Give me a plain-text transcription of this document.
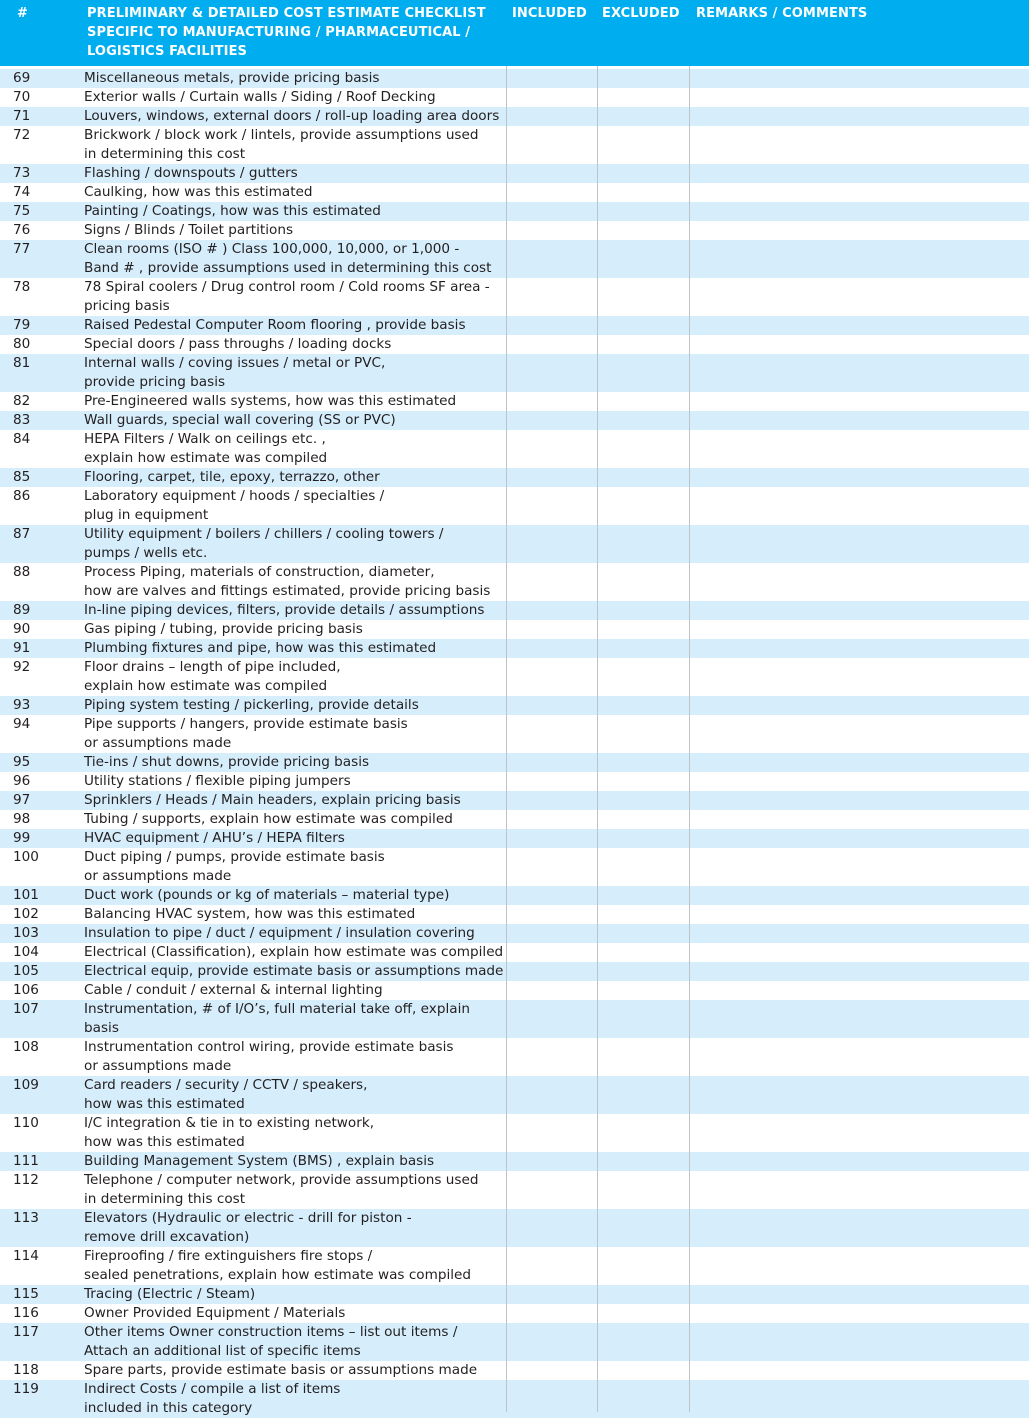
#	PRELIMINARY & DETAILED COST ESTIMATE CHECKLIST SPECIFIC TO MANUFACTURING / PHARMACEUTICAL / LOGISTICS FACILITIES
INCLUDED EXCLUDED REMARKS / COMMENTS
69	Miscellaneous metals, provide pricing basis
70	Exterior walls / Curtain walls / Siding / Roof Decking
71	Louvers, windows, external doors / roll-up loading area doors
72	Brickwork / block work / lintels, provide assumptions used
in determining this cost
73	Flashing / downspouts / gutters
74	Caulking, how was this estimated
75	Painting / Coatings, how was this estimated
76	Signs / Blinds / Toilet partitions
77	Clean rooms (ISO # ) Class 100,000, 10,000, or 1,000 -
Band # , provide assumptions used in determining this cost
78	78 Spiral coolers / Drug control room / Cold rooms SF area -
pricing basis
79	Raised Pedestal Computer Room flooring , provide basis
80	Special doors / pass throughs / loading docks
81	Internal walls / coving issues / metal or PVC,
provide pricing basis
82	Pre-Engineered walls systems, how was this estimated
83	Wall guards, special wall covering (SS or PVC)
84	HEPA Filters / Walk on ceilings etc. ,
explain how estimate was compiled
85	Flooring, carpet, tile, epoxy, terrazzo, other
86	Laboratory equipment / hoods / specialties /
plug in equipment
87	Utility equipment / boilers / chillers / cooling towers /
pumps / wells etc.
88	Process Piping, materials of construction, diameter,
how are valves and fittings estimated, provide pricing basis
89	In-line piping devices, filters, provide details / assumptions
90	Gas piping / tubing, provide pricing basis
91	Plumbing fixtures and pipe, how was this estimated
92	Floor drains – length of pipe included,
explain how estimate was compiled
93	Piping system testing / pickerling, provide details
94	Pipe supports / hangers, provide estimate basis
or assumptions made
95	Tie-ins / shut downs, provide pricing basis
96	Utility stations / flexible piping jumpers
97	Sprinklers / Heads / Main headers, explain pricing basis
98	Tubing / supports, explain how estimate was compiled
99	HVAC equipment / AHU’s / HEPA filters
100	Duct piping / pumps, provide estimate basis
or assumptions made
101	Duct work (pounds or kg of materials – material type)
102	Balancing HVAC system, how was this estimated
103	Insulation to pipe / duct / equipment / insulation covering
104	Electrical (Classification), explain how estimate was compiled
105	Electrical equip, provide estimate basis or assumptions made
106	Cable / conduit / external & internal lighting
107	Instrumentation, # of I/O’s, full material take off, explain basis
108	Instrumentation control wiring, provide estimate basis
or assumptions made
109	Card readers / security / CCTV / speakers,
how was this estimated
110	I/C integration & tie in to existing network,
how was this estimated
111	Building Management System (BMS) , explain basis
112	Telephone / computer network, provide assumptions used
in determining this cost
113	Elevators (Hydraulic or electric - drill for piston -
remove drill excavation)
114	Fireproofing / fire extinguishers fire stops /
sealed penetrations, explain how estimate was compiled
115	Tracing (Electric / Steam)
116	Owner Provided Equipment / Materials
117	Other items Owner construction items – list out items /
Attach an additional list of specific items
118	Spare parts, provide estimate basis or assumptions made
119	Indirect Costs / compile a list of items
included in this category
